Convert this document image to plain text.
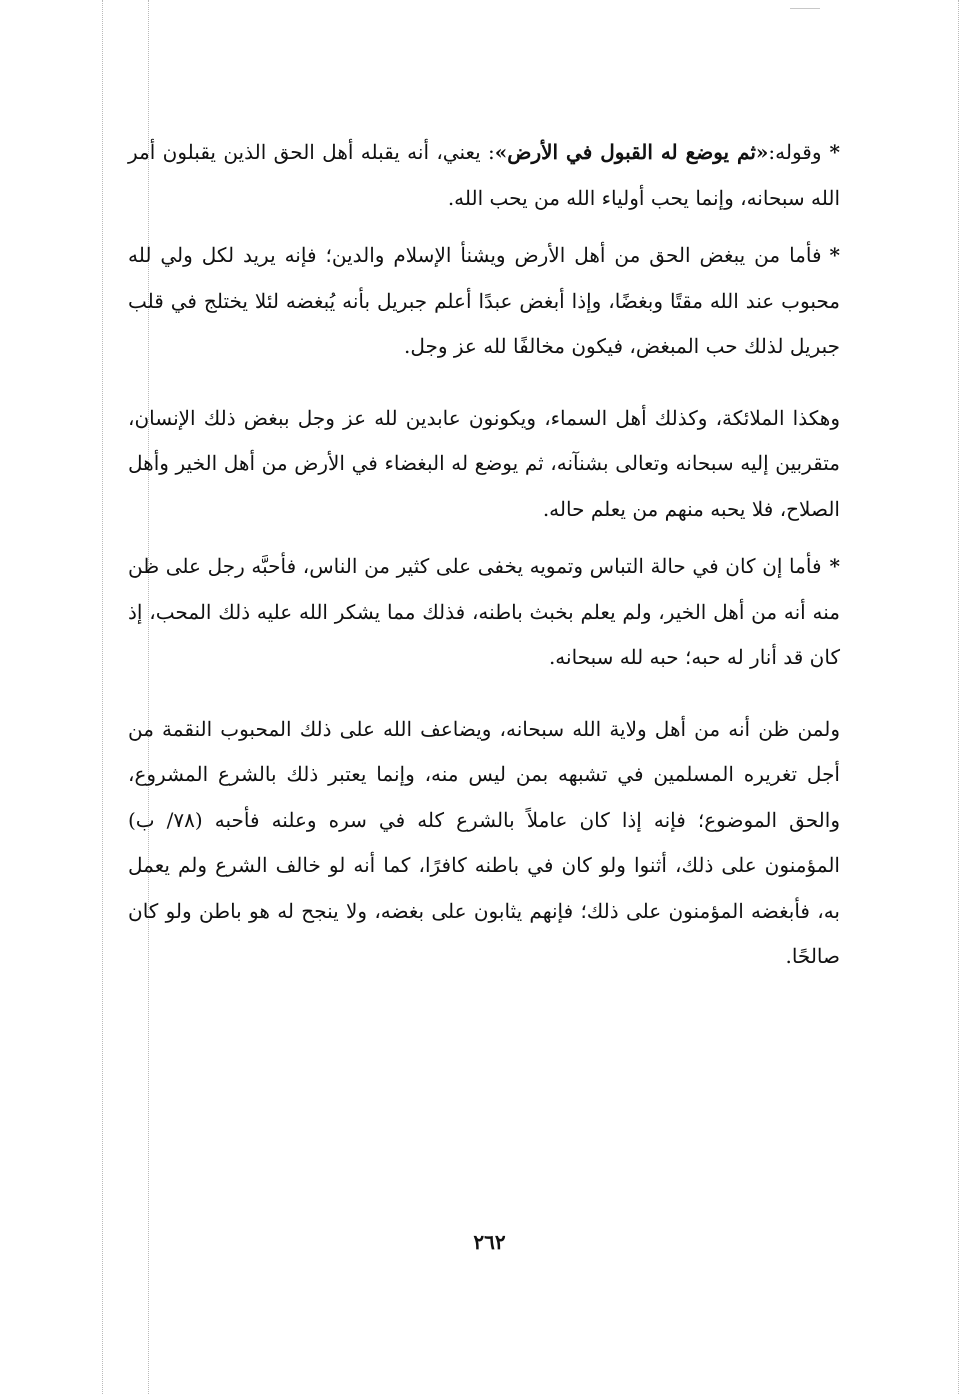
*وقوله:«ثم يوضع له القبول في الأرض»: يعني، أنه يقبله أهل الحق الذين يقبلون أمر الله سبحانه، وإنما يحب أولياء الله من يحب الله.

*فأما من يبغض الحق من أهل الأرض ويشنأ الإسلام والدين؛ فإنه يريد لكل ولي لله محبوب عند الله مقتًا وبغضًا، وإذا أبغض عبدًا أعلم جبريل بأنه يُبغضه لئلا يختلج في قلب جبريل لذلك حب المبغض، فيكون مخالفًا لله عز وجل.

وهكذا الملائكة، وكذلك أهل السماء، ويكونون عابدين لله عز وجل ببغض ذلك الإنسان، متقربين إليه سبحانه وتعالى بشنآنه، ثم يوضع له البغضاء في الأرض من أهل الخير وأهل الصلاح، فلا يحبه منهم من يعلم حاله.

*فأما إن كان في حالة التباس وتمويه يخفى على كثير من الناس، فأحبَّه رجل على ظن منه أنه من أهل الخير، ولم يعلم بخبث باطنه، فذلك مما يشكر الله عليه ذلك المحب، إذ كان قد أنار له حبه؛ حبه لله سبحانه.

ولمن ظن أنه من أهل ولاية الله سبحانه، ويضاعف الله على ذلك المحبوب النقمة من أجل تغريره المسلمين في تشبهه بمن ليس منه، وإنما يعتبر ذلك بالشرع المشروع، والحق الموضوع؛ فإنه إذا كان عاملاً بالشرع كله في سره وعلنه فأحبه (٧٨/ ب) المؤمنون على ذلك، أثنوا ولو كان في باطنه كافرًا، كما أنه لو خالف الشرع ولم يعمل به، فأبغضه المؤمنون على ذلك؛ فإنهم يثابون على بغضه، ولا ينجح له هو باطن ولو كان صالحًا.

٢٦٢
